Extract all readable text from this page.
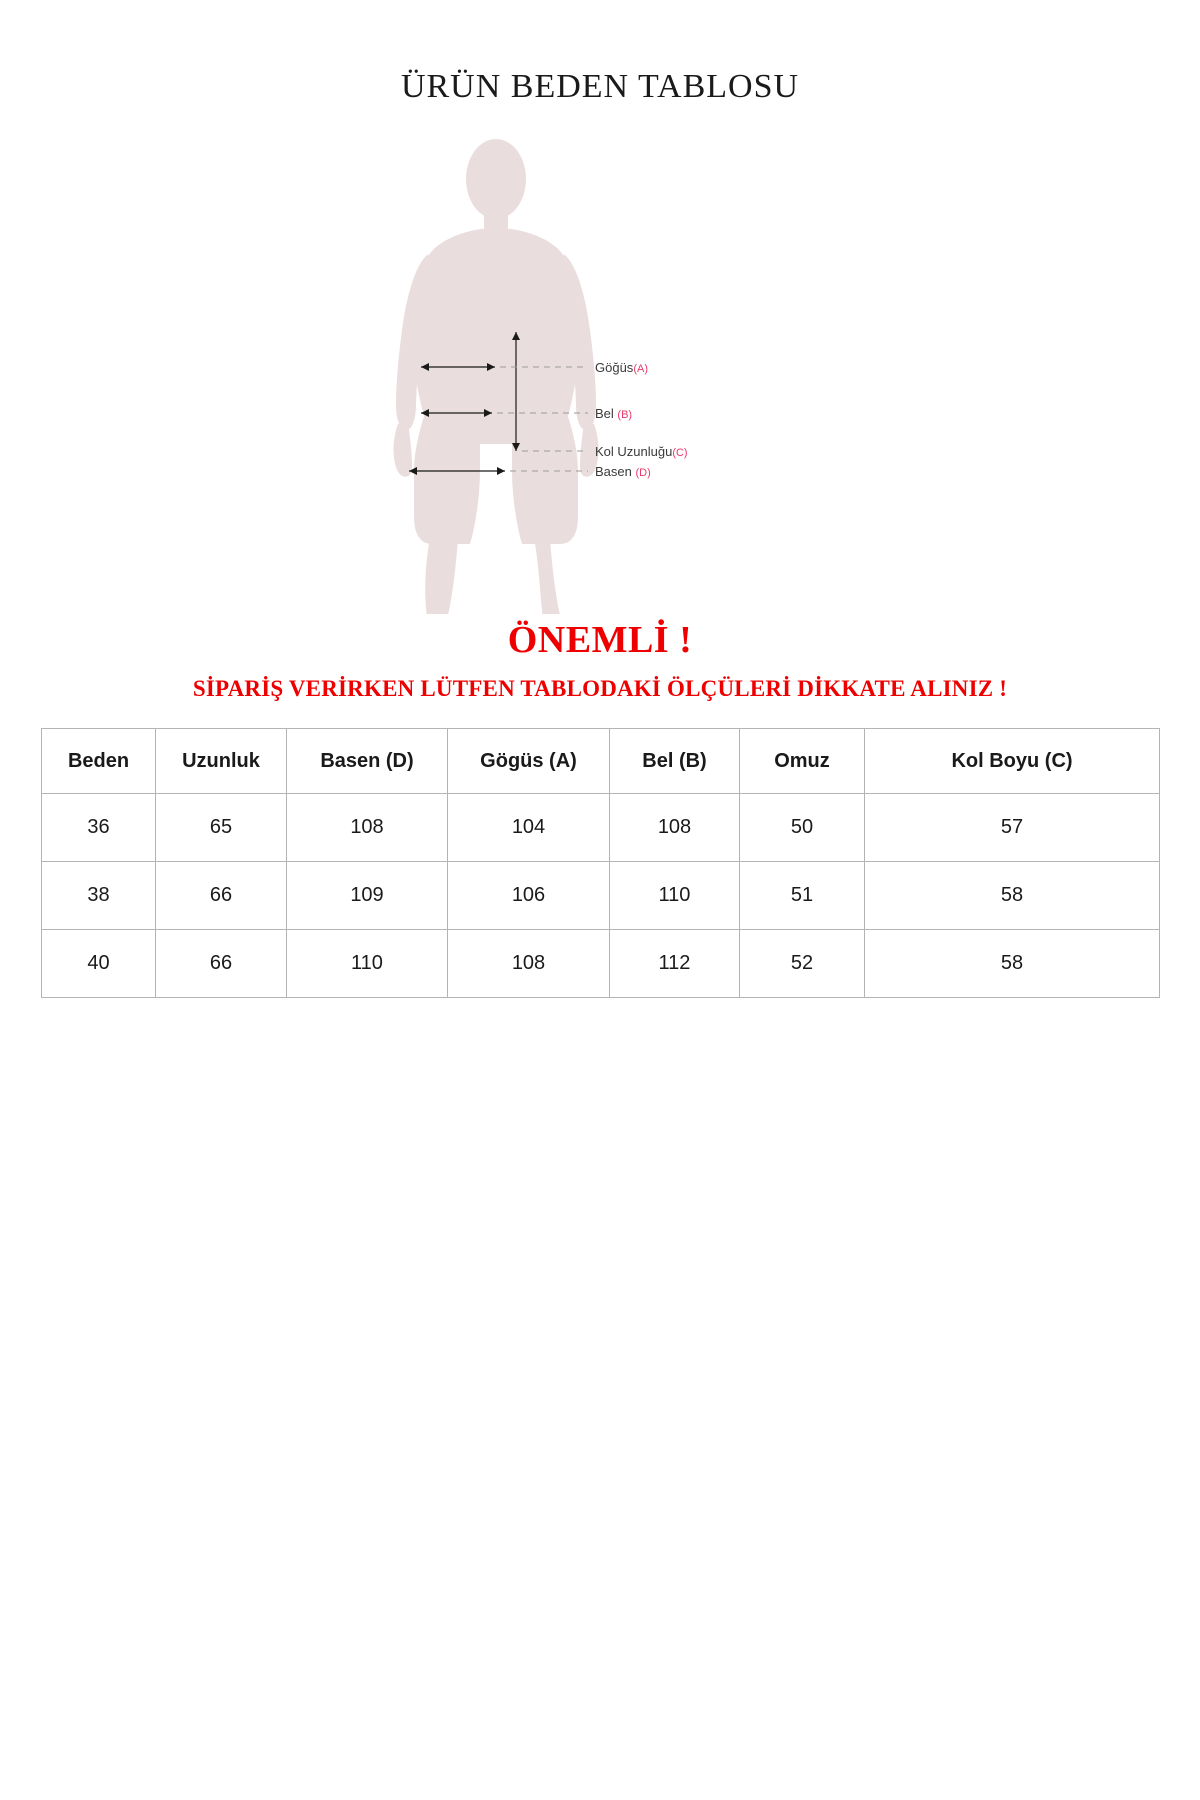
ÜRÜN BEDEN TABLOSU
Göğüs(A)
Bel (B)
Kol Uzunluğu(C)
Basen (D)
ÖNEMLİ !
SİPARİŞ VERİRKEN LÜTFEN TABLODAKİ ÖLÇÜLERİ DİKKATE ALINIZ !
Beden	Uzunluk	Basen (D)	Gögüs (A)	Bel (B)	Omuz	Kol Boyu (C)
36	65	108	104	108	50	57
38	66	109	106	110	51	58
40	66	110	108	112	52	58
